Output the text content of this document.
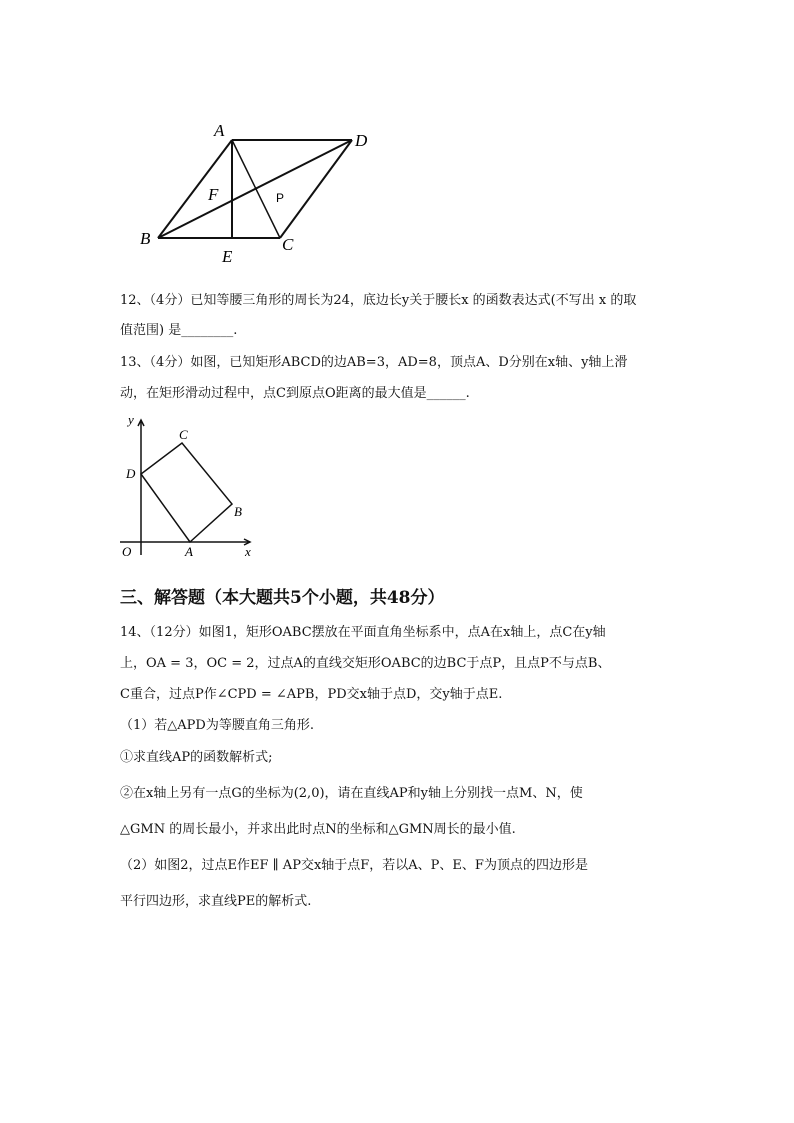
A
D
F	P
B
E
C
12、（4分）已知等腰三角形的周长为24，底边长y关于腰长x 的函数表达式(不写出 x 的取
值范围) 是________.
13、（4分）如图，已知矩形ABCD的边AB=3，AD=8，顶点A、D分别在x轴、y轴上滑
动，在矩形滑动过程中，点C到原点O距离的最大值是______.
y
C
D
B
O	A	x
三、解答题（本大题共5个小题，共48分）
14、（12分）如图1，矩形OABC摆放在平面直角坐标系中，点A在x轴上，点C在y轴
上，OA = 3，OC = 2，过点A的直线交矩形OABC的边BC于点P，且点P不与点B、
C重合，过点P作∠CPD = ∠APB，PD交x轴于点D，交y轴于点E.
（1）若△APD为等腰直角三角形.
①求直线AP的函数解析式;
②在x轴上另有一点G的坐标为(2,0)，请在直线AP和y轴上分别找一点M、N，使
△GMN 的周长最小，并求出此时点N的坐标和△GMN周长的最小值.
（2）如图2，过点E作EF ∥ AP交x轴于点F，若以A、P、E、F为顶点的四边形是
平行四边形，求直线PE的解析式.
